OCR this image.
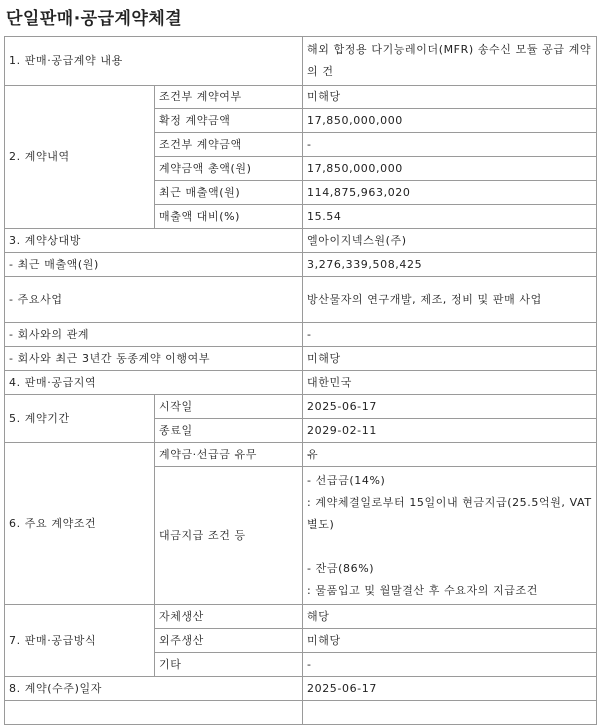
단일판매·공급계약체결
1. 판매·공급계약 내용		해외 합정용 다기능레이더(MFR) 송수신 모듈 공급 계약의 건
2. 계약내역	조건부 계약여부	미해당
	확정 계약금액	17,850,000,000
	조건부 계약금액	-
	계약금액 총액(원)	17,850,000,000
	최근 매출액(원)	114,875,963,020
	매출액 대비(%)	15.54
3. 계약상대방		엘아이지넥스원(주)
- 최근 매출액(원)		3,276,339,508,425
- 주요사업		방산물자의 연구개발, 제조, 정비 및 판매 사업
- 회사와의 관계		-
- 회사와 최근 3년간 동종계약 이행여부		미해당
4. 판매·공급지역		대한민국
5. 계약기간	시작일	2025-06-17
	종료일	2029-02-11
6. 주요 계약조건	계약금·선급금 유무	유
	대금지급 조건 등	- 선급금(14%)
: 계약체결일로부터 15일이내 현금지급(25.5억원, VAT별도)
- 잔금(86%)
: 물품입고 및 월말결산 후 수요자의 지급조건

7. 판매·공급방식	자체생산	해당
	외주생산	미해당
	기타	-
8. 계약(수주)일자		2025-06-17
